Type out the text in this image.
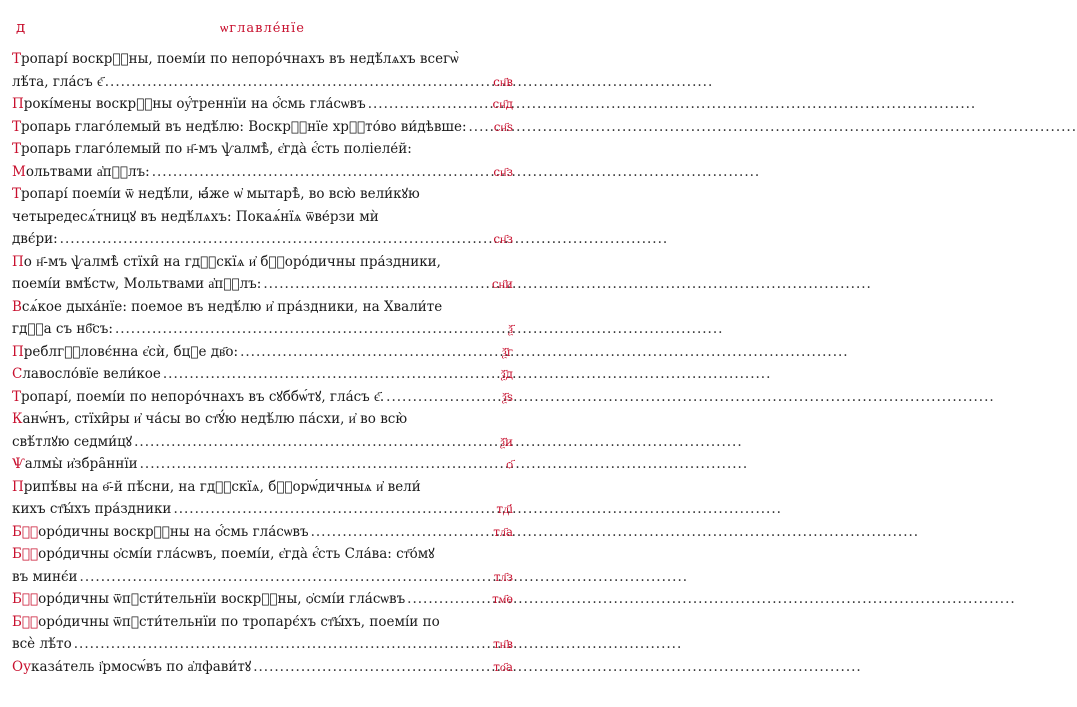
д	ѡглавле́нїе
Тропарı́ воскрⷭ҇ны, поемı́и по непоро́чнахъ въ недѣ́лѧхъ всегѡ̀
лѣ́та, гла́съ є҃ .....	сн҃в
Прокı́мены воскрⷭ҇ны оу҆́треннїи на ѻ҆́смь гла́сѡвъ .....	сн҃д
Тропарь глаго́лемый въ недѣ́лю: Воскрⷭ҇нїе хрⷭ҇то́во ви́дѣвше: ..... сн҃ѕ
Тропарь глаго́лемый по н҃-мъ ѱалмѣ̀, є҆гда̀ є҆́сть поліеле́й:
Мольтвами а҆пⷭ҇лъ: .....	сн҃з
Тропарı́ поемı́и ѿ недѣ́ли, ꙗ҆́же ѡ҆ мытарѣ̀, во всю̀ вели́кꙋю
четыредесѧ́тницꙋ въ недѣ́лѧхъ: Покаѧ́нїѧ ѿве́рзи мѝ
двє́ри: .....	сн҃з
По н҃-мъ ѱалмѣ̀ стїхи̑ на гдⷭ҇скїѧ и҆ бⷢ҇оро́дичны пра́здники,
поемı́и вмѣ́стѡ, Мольтвами а҆пⷭ҇лъ: .....	сн҃и
Всѧ́кое дыха́нїе: поемое въ недѣ́лю и҆ пра́здники, на Хвали́те
гдⷭ҇а съ нб҃съ: .....	ѯ҃
Преблгⷭ҇ловє́нна є҆сѝ, бцⷣе дв҃о: .....	ѯ҃г
Славосло́вїе вели́кое .....	ѯ҃д
Тропарı́, поемı́и по непоро́чнахъ въ сꙋббѡ́тꙋ, гла́съ є҃. .....	ѯ҃ѕ
Канѡ́нъ, стїхи̑ры и҆ ча́сы во ст҃ꙋ́ю недѣ́лю па́схи, и҆ во всю̀
свѣ́тлꙋю седми́цꙋ .....	ѯ҃и
Ѱалмы̀ и҆збра̑ннїи .....	ѻ҃
Припѣ́вы на ѳ҃-й пѣ́сни, на гдⷭ҇скїѧ, бⷢ҇орѡ́дичныѧ и҆ вели́
кихъ ст҃ы́хъ пра́здники .....	тд҃і
Бⷢ҇оро́дичны воскрⷭ҇ны на ѻ҆́смь гла́сѡвъ .....	тл҃а
Бⷢ҇оро́дичны ѻ҆смı́и гла́сѡвъ, поемı́и, є҆гда̀ є҆́сть Сла́ва: ст҃о́мꙋ
въ минє́и .....	тл҃з
Бⷢ҇оро́дичны ѿпꙋсти́тельнїи воскрⷭ҇ны, ѻ҆смı́и гла́сѡвъ .....	тм҃ѳ
Бⷢ҇оро́дичны ѿпꙋсти́тельнїи по тропарє́хъ ст҃ы́хъ, поемı́и по
всѐ лѣ́то .....	тн҃в
Оуказа́тель і҆рмосѡ́въ по а҆лфави́тꙋ .....	то҃а
